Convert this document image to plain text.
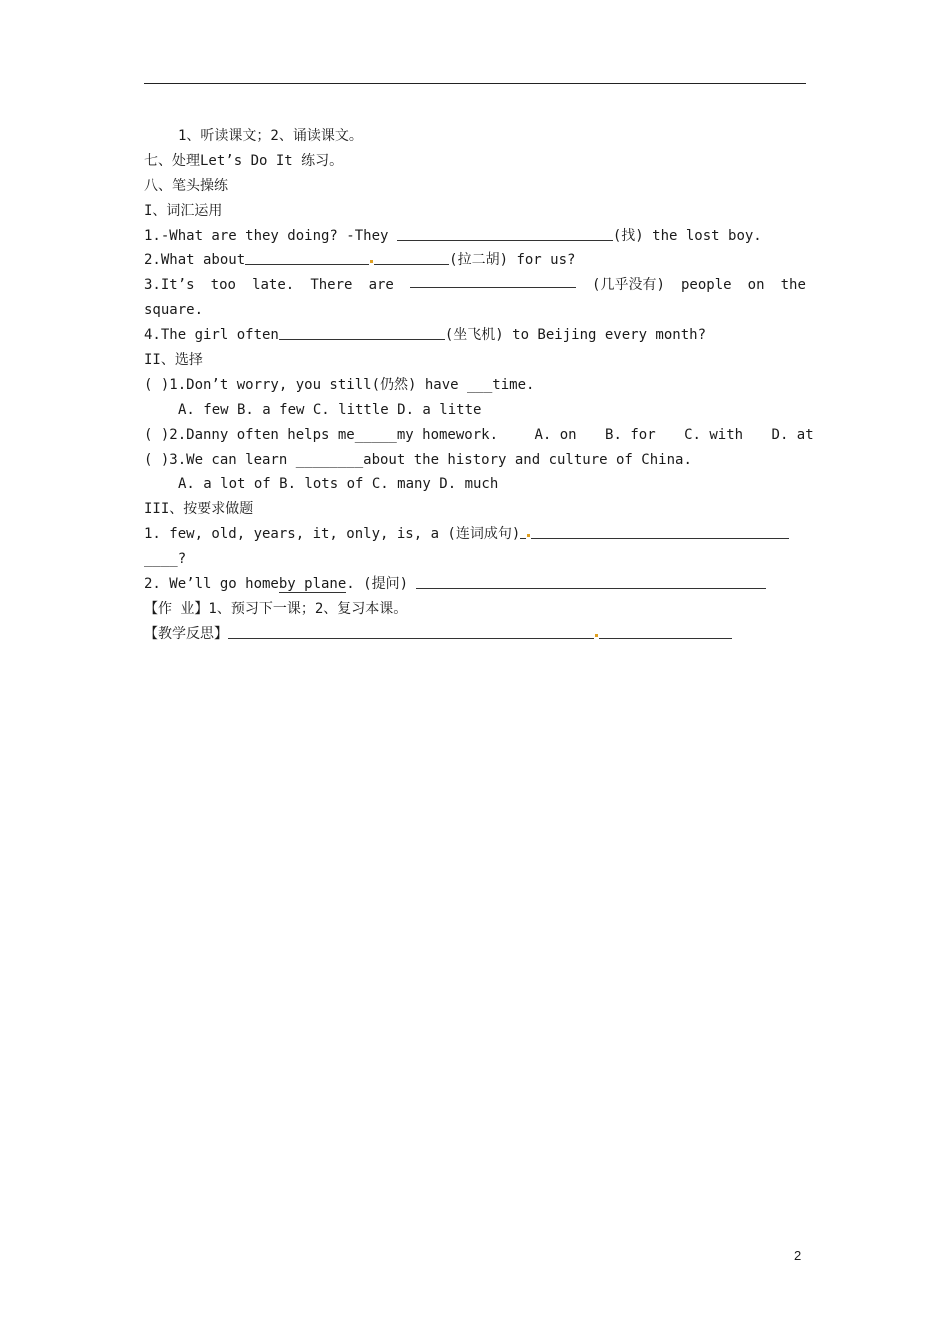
1、听读课文；2、诵读课文。
七、处理Let’s Do It 练习。
八、笔头操练
I、词汇运用
1.-What are they doing? -They	(找) the lost boy.
2.What about	(拉二胡) for us?
3.It’s too late. There are	(几乎没有) people on the
square.
4.The girl often	(坐飞机) to Beijing every month?
II、选择
( )1.Don’t worry, you still(仍然) have ___time.
A. few B. a few C. little D. a litte
( )2.Danny often helps me_____my homework.	A. on B. for C. with D. at
( )3.We can learn ________about the history and culture of China.
A. a lot of B. lots of C. many D. much
III、按要求做题
1. few, old, years, it, only, is, a (连词成句)
____?
2. We’ll go homeby plane. (提问)
【作 业】1、预习下一课；2、复习本课。
【教学反思】
2
